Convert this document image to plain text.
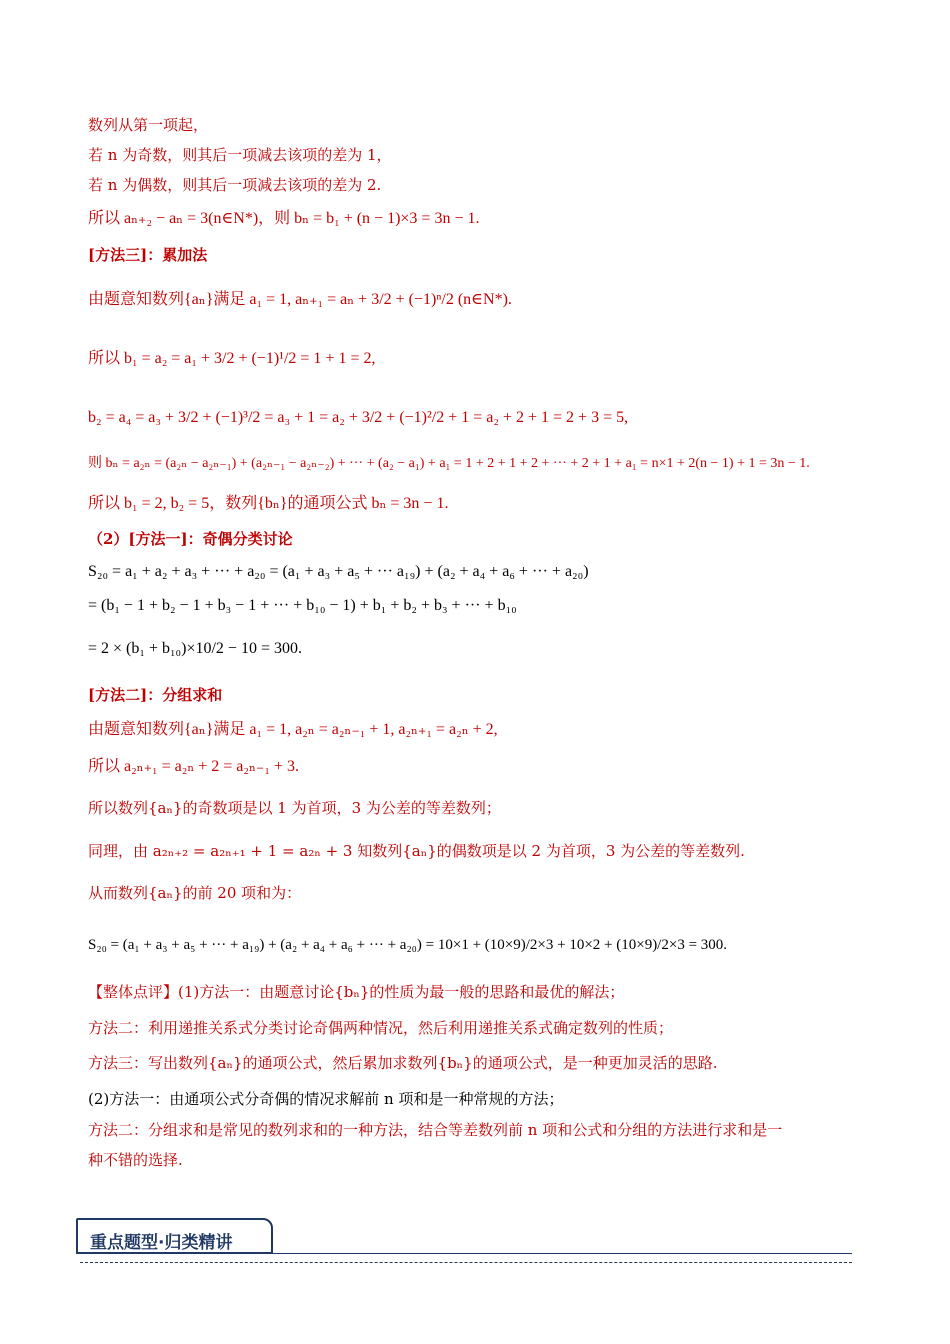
数列从第一项起，
若 n 为奇数，则其后一项减去该项的差为 1，
若 n 为偶数，则其后一项减去该项的差为 2.
所以 aₙ₊₂ − aₙ = 3(n∈N*)，则 bₙ = b₁ + (n − 1)×3 = 3n − 1.
[方法三]：累加法
由题意知数列{aₙ}满足 a₁ = 1, aₙ₊₁ = aₙ + 3/2 + (−1)ⁿ/2 (n∈N*).
所以 b₁ = a₂ = a₁ + 3/2 + (−1)¹/2 = 1 + 1 = 2,
b₂ = a₄ = a₃ + 3/2 + (−1)³/2 = a₃ + 1 = a₂ + 3/2 + (−1)²/2 + 1 = a₂ + 2 + 1 = 2 + 3 = 5,
则 bₙ = a₂ₙ = (a₂ₙ − a₂ₙ₋₁) + (a₂ₙ₋₁ − a₂ₙ₋₂) + ··· + (a₂ − a₁) + a₁ = 1 + 2 + 1 + 2 + ··· + 2 + 1 + a₁ = n×1 + 2(n − 1) + 1 = 3n − 1.
所以 b₁ = 2, b₂ = 5，数列{bₙ}的通项公式 bₙ = 3n − 1.
（2）[方法一]：奇偶分类讨论
S₂₀ = a₁ + a₂ + a₃ + ··· + a₂₀ = (a₁ + a₃ + a₅ + ··· a₁₉) + (a₂ + a₄ + a₆ + ··· + a₂₀)
= (b₁ − 1 + b₂ − 1 + b₃ − 1 + ··· + b₁₀ − 1) + b₁ + b₂ + b₃ + ··· + b₁₀
= 2 × (b₁ + b₁₀)×10/2 − 10 = 300.
[方法二]：分组求和
由题意知数列{aₙ}满足 a₁ = 1, a₂ₙ = a₂ₙ₋₁ + 1, a₂ₙ₊₁ = a₂ₙ + 2,
所以 a₂ₙ₊₁ = a₂ₙ + 2 = a₂ₙ₋₁ + 3.
所以数列{aₙ}的奇数项是以 1 为首项，3 为公差的等差数列；
同理，由 a₂ₙ₊₂ = a₂ₙ₊₁ + 1 = a₂ₙ + 3 知数列{aₙ}的偶数项是以 2 为首项，3 为公差的等差数列.
从而数列{aₙ}的前 20 项和为：
S₂₀ = (a₁ + a₃ + a₅ + ··· + a₁₉) + (a₂ + a₄ + a₆ + ··· + a₂₀) = 10×1 + (10×9)/2×3 + 10×2 + (10×9)/2×3 = 300.
【整体点评】(1)方法一：由题意讨论{bₙ}的性质为最一般的思路和最优的解法；
方法二：利用递推关系式分类讨论奇偶两种情况，然后利用递推关系式确定数列的性质；
方法三：写出数列{aₙ}的通项公式，然后累加求数列{bₙ}的通项公式，是一种更加灵活的思路.
(2)方法一：由通项公式分奇偶的情况求解前 n 项和是一种常规的方法；
方法二：分组求和是常见的数列求和的一种方法，结合等差数列前 n 项和公式和分组的方法进行求和是一
种不错的选择.
重点题型·归类精讲
